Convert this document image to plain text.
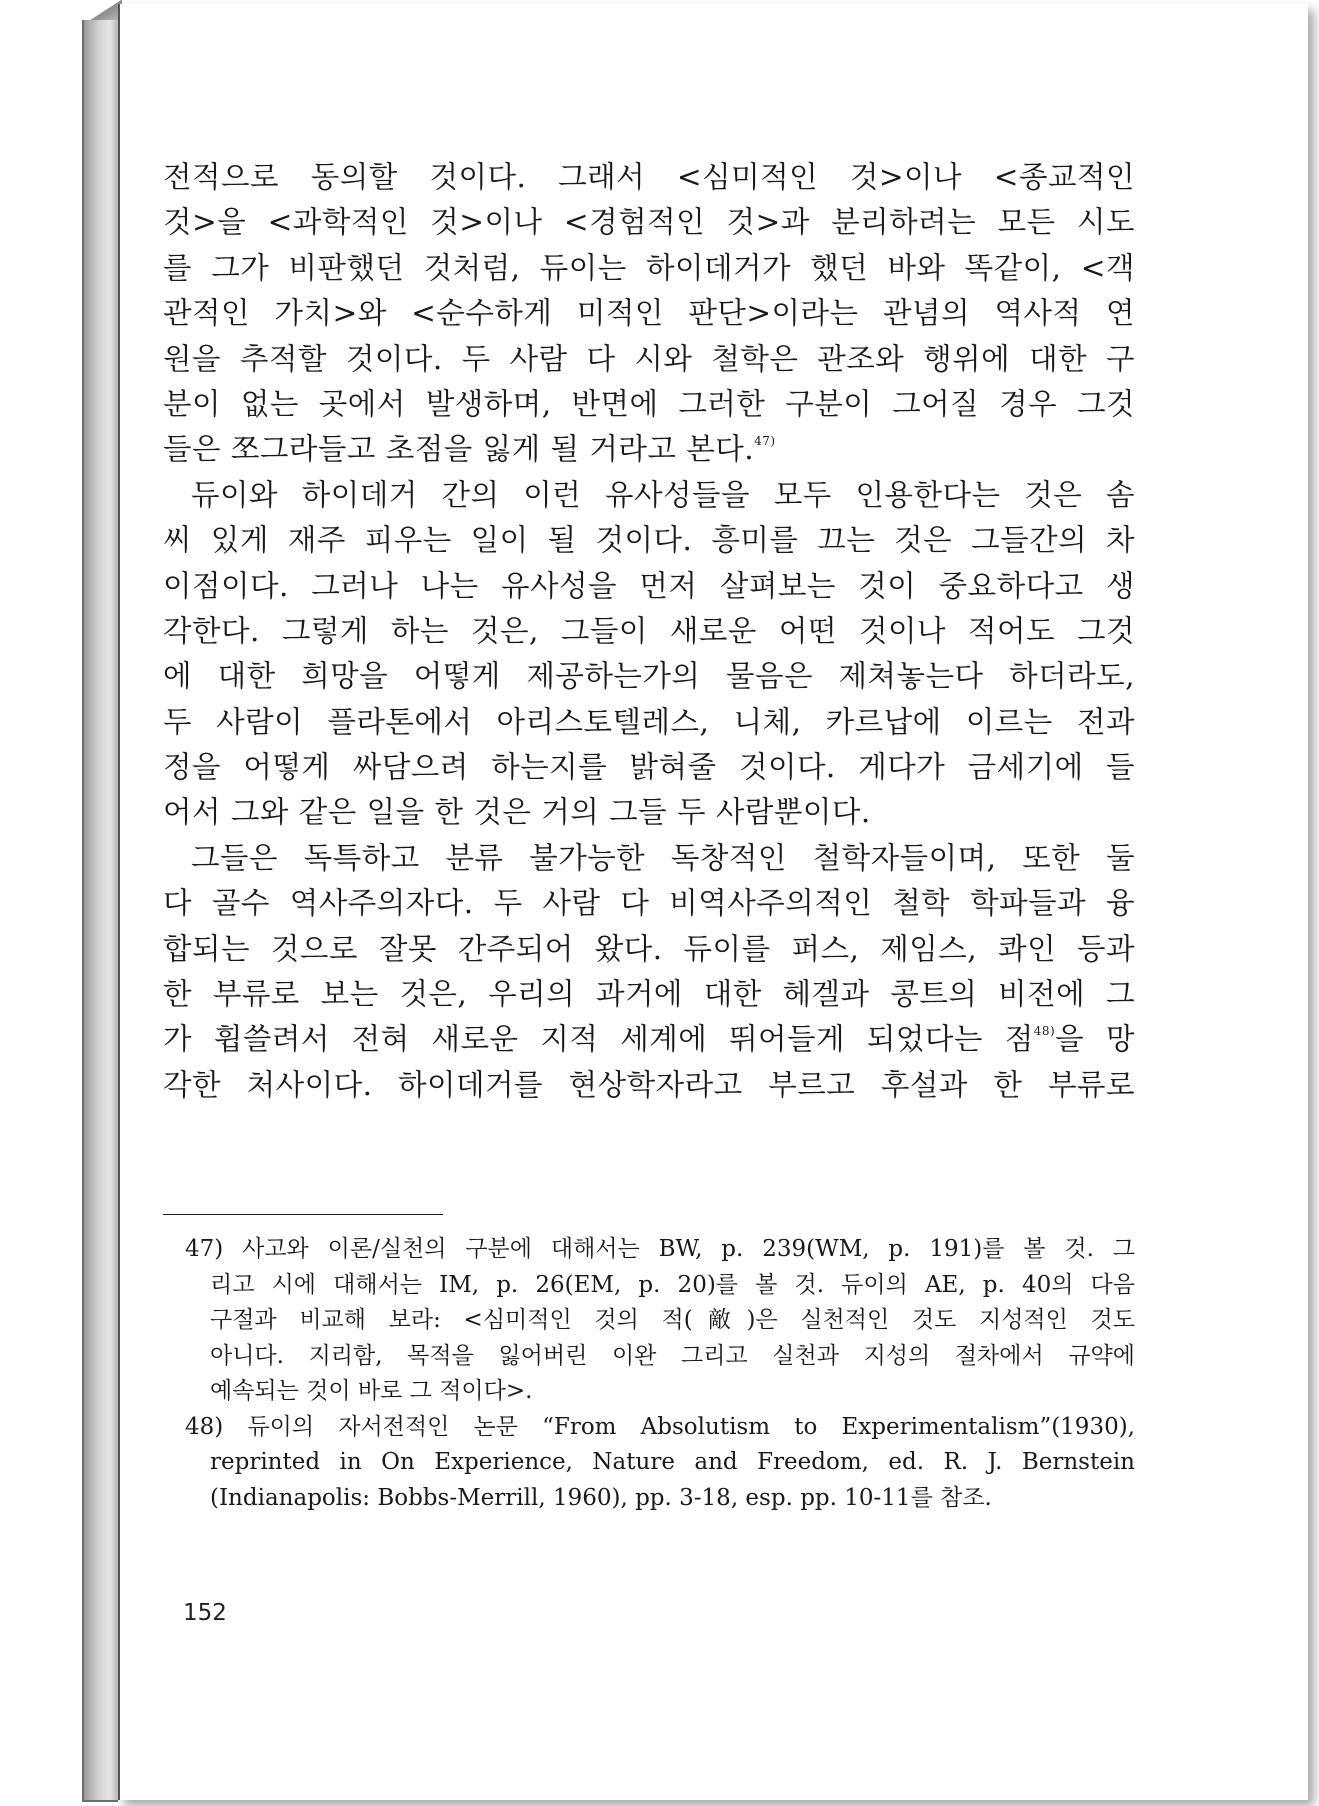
전적으로 동의할 것이다. 그래서 <심미적인 것>이나 <종교적인
것>을 <과학적인 것>이나 <경험적인 것>과 분리하려는 모든 시도
를 그가 비판했던 것처럼, 듀이는 하이데거가 했던 바와 똑같이, <객
관적인 가치>와 <순수하게 미적인 판단>이라는 관념의 역사적 연
원을 추적할 것이다. 두 사람 다 시와 철학은 관조와 행위에 대한 구
분이 없는 곳에서 발생하며, 반면에 그러한 구분이 그어질 경우 그것
들은 쪼그라들고 초점을 잃게 될 거라고 본다.$^{47)}$
듀이와 하이데거 간의 이런 유사성들을 모두 인용한다는 것은 솜
씨 있게 재주 피우는 일이 될 것이다. 흥미를 끄는 것은 그들간의 차
이점이다. 그러나 나는 유사성을 먼저 살펴보는 것이 중요하다고 생
각한다. 그렇게 하는 것은, 그들이 새로운 어떤 것이나 적어도 그것
에 대한 희망을 어떻게 제공하는가의 물음은 제쳐놓는다 하더라도,
두 사람이 플라톤에서 아리스토텔레스, 니체, 카르납에 이르는 전과
정을 어떻게 싸담으려 하는지를 밝혀줄 것이다. 게다가 금세기에 들
어서 그와 같은 일을 한 것은 거의 그들 두 사람뿐이다.
그들은 독특하고 분류 불가능한 독창적인 철학자들이며, 또한 둘
다 골수 역사주의자다. 두 사람 다 비역사주의적인 철학 학파들과 융
합되는 것으로 잘못 간주되어 왔다. 듀이를 퍼스, 제임스, 콰인 등과
한 부류로 보는 것은, 우리의 과거에 대한 헤겔과 콩트의 비전에 그
가 휩쓸려서 전혀 새로운 지적 세계에 뛰어들게 되었다는 점$^{48)}$을 망
각한 처사이다. 하이데거를 현상학자라고 부르고 후설과 한 부류로
47) 사고와 이론/실천의 구분에 대해서는 BW, p. 239(WM, p. 191)를 볼 것. 그
리고 시에 대해서는 IM, p. 26(EM, p. 20)를 볼 것. 듀이의 AE, p. 40의 다음
구절과 비교해 보라: <심미적인 것의 적(敵)은 실천적인 것도 지성적인 것도
아니다. 지리함, 목적을 잃어버린 이완 그리고 실천과 지성의 절차에서 규약에
예속되는 것이 바로 그 적이다>.
48) 듀이의 자서전적인 논문 “From Absolutism to Experimentalism”(1930),
reprinted in On Experience, Nature and Freedom, ed. R. J. Bernstein
(Indianapolis: Bobbs-Merrill, 1960), pp. 3-18, esp. pp. 10-11를 참조.
152
